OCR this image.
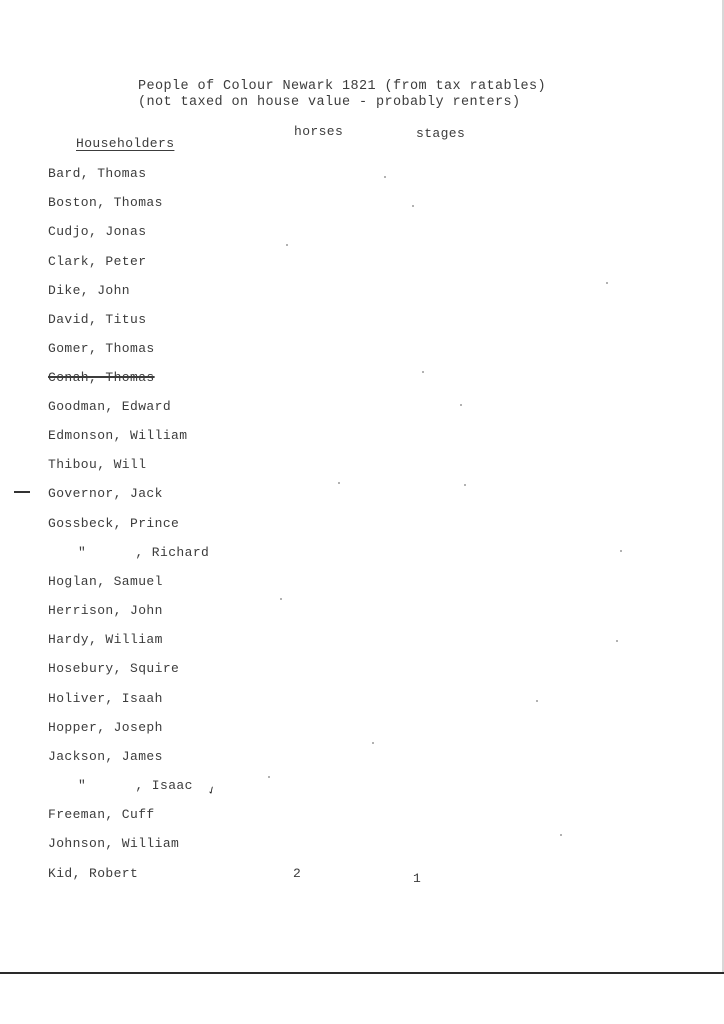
People of Colour Newark 1821 (from tax ratables)
(not taxed on house value - probably renters)
horses	stages
Householders
Bard, Thomas
Boston, Thomas
Cudjo, Jonas
Clark, Peter
Dike, John
David, Titus
Gomer, Thomas
Conah, Thomas
Goodman, Edward
Edmonson, William
Thibou, Will
Governor, Jack
Gossbeck, Prince
"      , Richard
Hoglan, Samuel
Herrison, John
Hardy, William
Hosebury, Squire
Holiver, Isaah
Hopper, Joseph
Jackson, James
"      , Isaac
Freeman, Cuff
Johnson, William
Kid, Robert	2	1
✓
